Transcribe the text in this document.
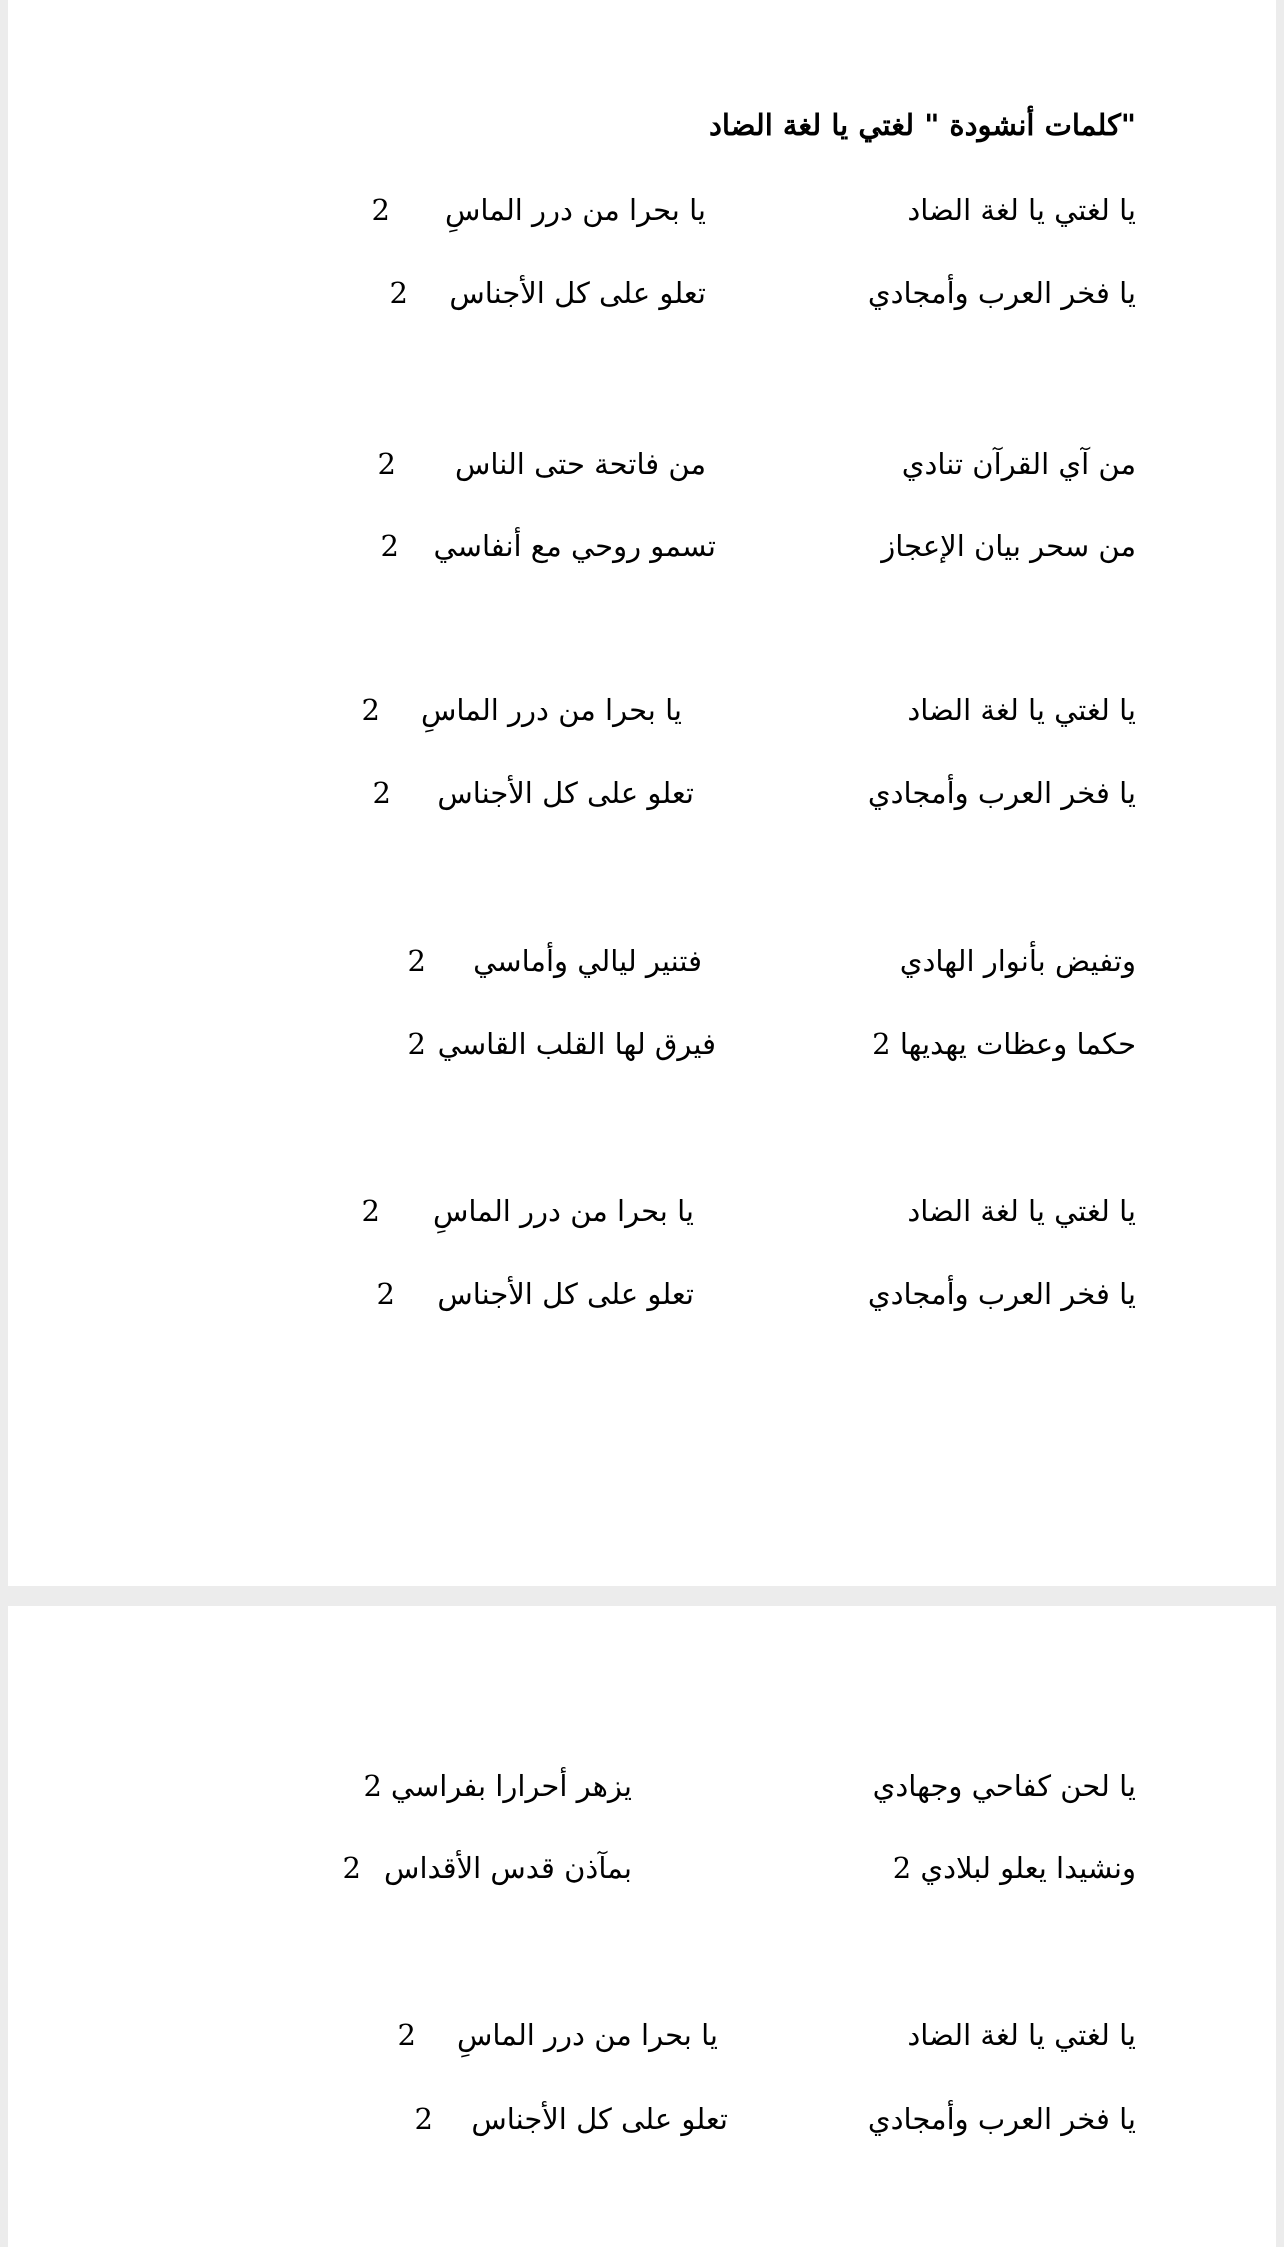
"كلمات أنشودة " لغتي يا لغة الضاد
يا لغتي يا لغة الضاد
يا بحرا من درر الماسِ
2
يا فخر العرب وأمجادي
تعلو على كل الأجناس
2
من آي القرآن تنادي
من فاتحة حتى الناس
2
من سحر بيان الإعجاز
تسمو روحي مع أنفاسي
2
يا لغتي يا لغة الضاد
يا بحرا من درر الماسِ
2
يا فخر العرب وأمجادي
تعلو على كل الأجناس
2
وتفيض بأنوار الهادي
فتنير ليالي وأماسي
2
حكما وعظات يهديها 2
فيرق لها القلب القاسي
2
يا لغتي يا لغة الضاد
يا بحرا من درر الماسِ
2
يا فخر العرب وأمجادي
تعلو على كل الأجناس
2
يا لحن كفاحي وجهادي
يزهر أحرارا بفراسي
2
ونشيدا يعلو لبلادي 2
بمآذن قدس الأقداس
2
يا لغتي يا لغة الضاد
يا بحرا من درر الماسِ
2
يا فخر العرب وأمجادي
تعلو على كل الأجناس
2
